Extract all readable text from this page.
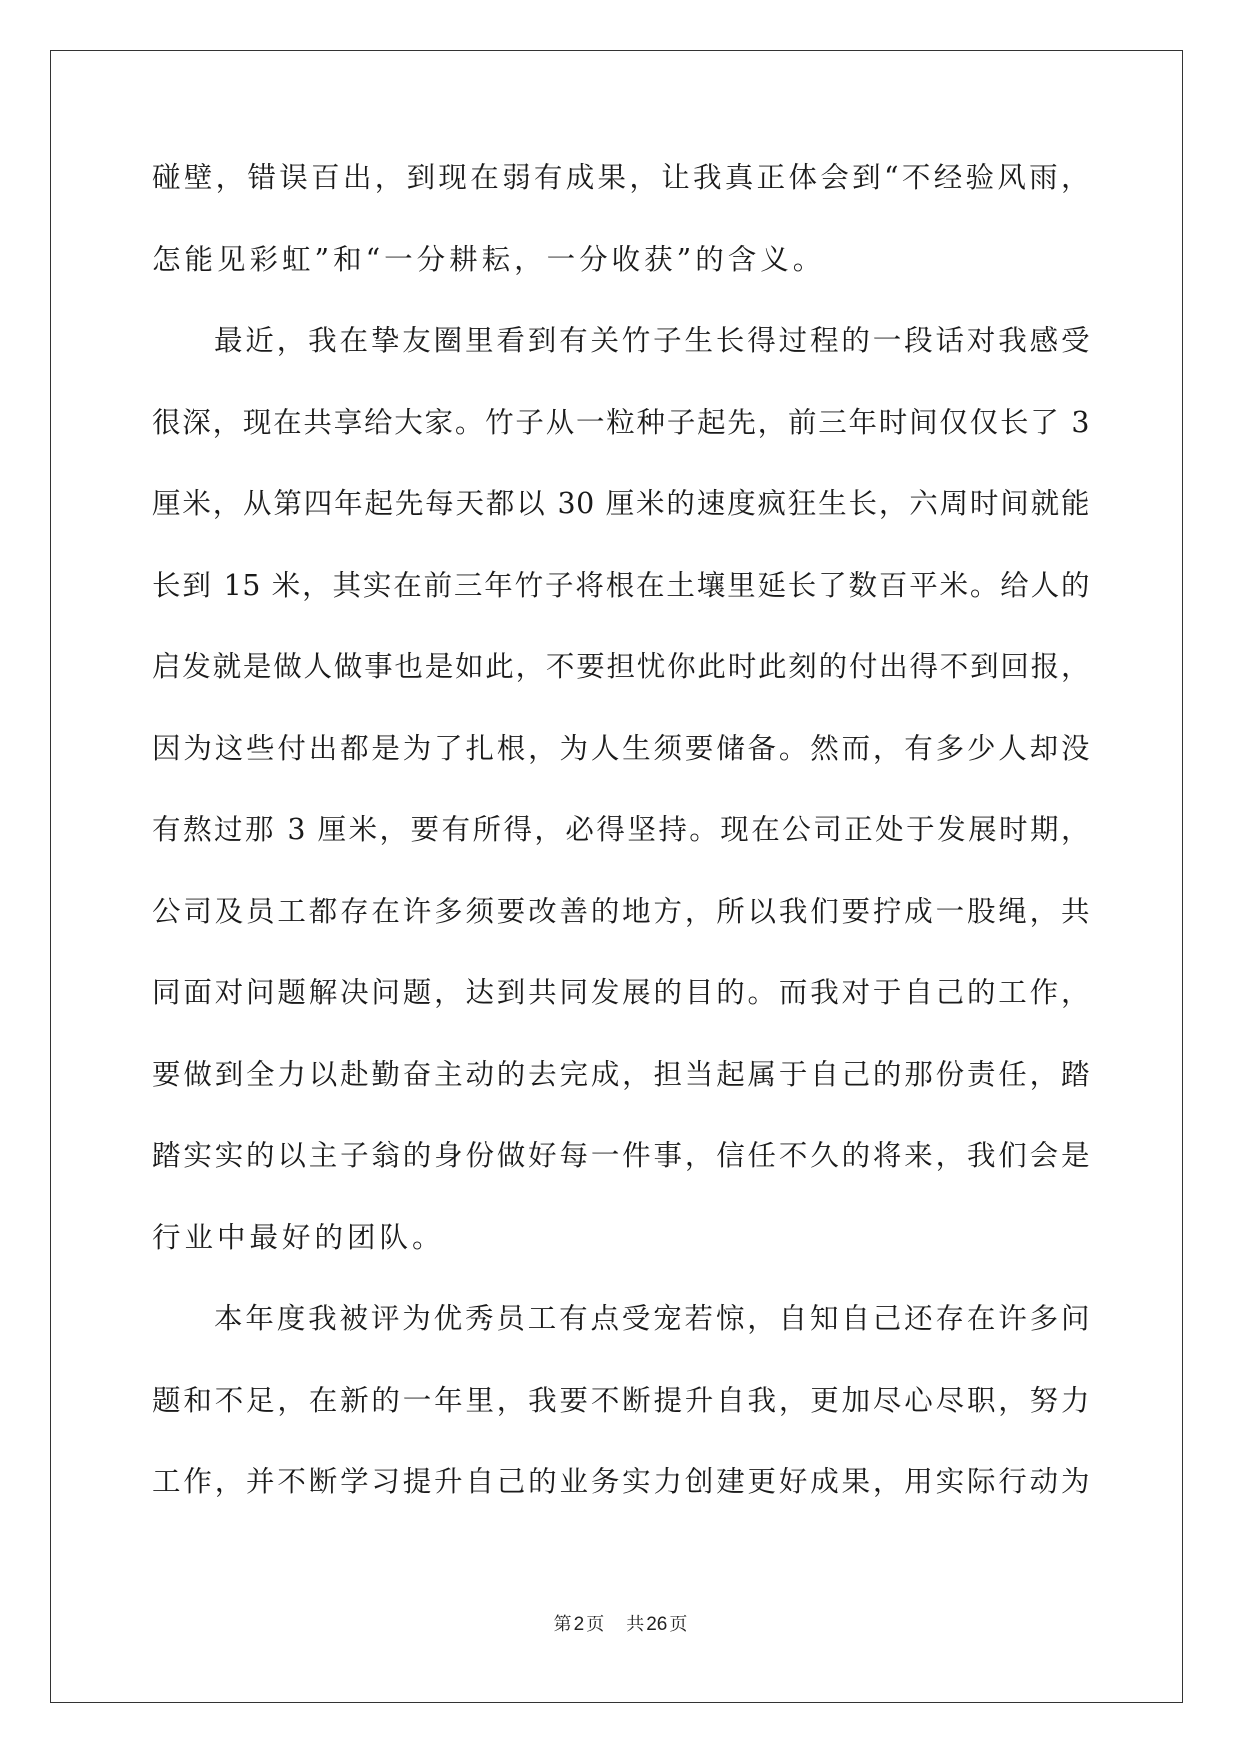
碰壁，错误百出，到现在弱有成果，让我真正体会到“不经验风雨，
怎能见彩虹”和“一分耕耘，一分收获”的含义。
最近，我在挚友圈里看到有关竹子生长得过程的一段话对我感受
很深，现在共享给大家。竹子从一粒种子起先，前三年时间仅仅长了 3
厘米，从第四年起先每天都以 30 厘米的速度疯狂生长，六周时间就能
长到 15 米，其实在前三年竹子将根在土壤里延长了数百平米。给人的
启发就是做人做事也是如此，不要担忧你此时此刻的付出得不到回报，
因为这些付出都是为了扎根，为人生须要储备。然而，有多少人却没
有熬过那 3 厘米，要有所得，必得坚持。现在公司正处于发展时期，
公司及员工都存在许多须要改善的地方，所以我们要拧成一股绳，共
同面对问题解决问题，达到共同发展的目的。而我对于自己的工作，
要做到全力以赴勤奋主动的去完成，担当起属于自己的那份责任，踏
踏实实的以主子翁的身份做好每一件事，信任不久的将来，我们会是
行业中最好的团队。
本年度我被评为优秀员工有点受宠若惊，自知自己还存在许多问
题和不足，在新的一年里，我要不断提升自我，更加尽心尽职，努力
工作，并不断学习提升自己的业务实力创建更好成果，用实际行动为
第 2 页 共 26 页
